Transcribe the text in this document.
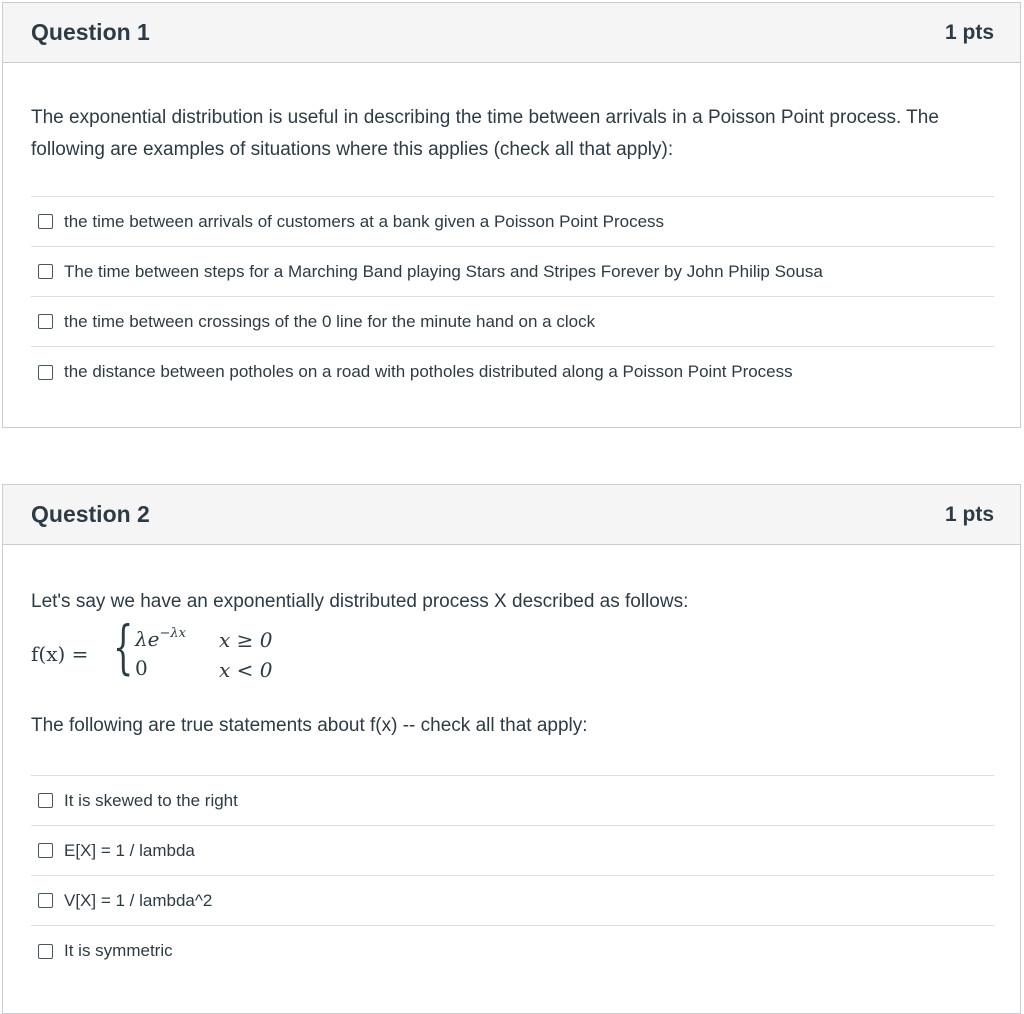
Question 1	1 pts

The exponential distribution is useful in describing the time between arrivals in a Poisson Point process. The following are examples of situations where this applies (check all that apply):

the time between arrivals of customers at a bank given a Poisson Point Process
The time between steps for a Marching Band playing Stars and Stripes Forever by John Philip Sousa
the time between crossings of the 0 line for the minute hand on a clock
the distance between potholes on a road with potholes distributed along a Poisson Point Process
Question 2	1 pts

Let's say we have an exponentially distributed process X described as follows:

f(x) = { $\lambda e^{-\lambda x}$ x ≥ 0
0	x < 0

The following are true statements about f(x) -- check all that apply:

It is skewed to the right
E[X] = 1 / lambda
V[X] = 1 / lambda^2
It is symmetric
